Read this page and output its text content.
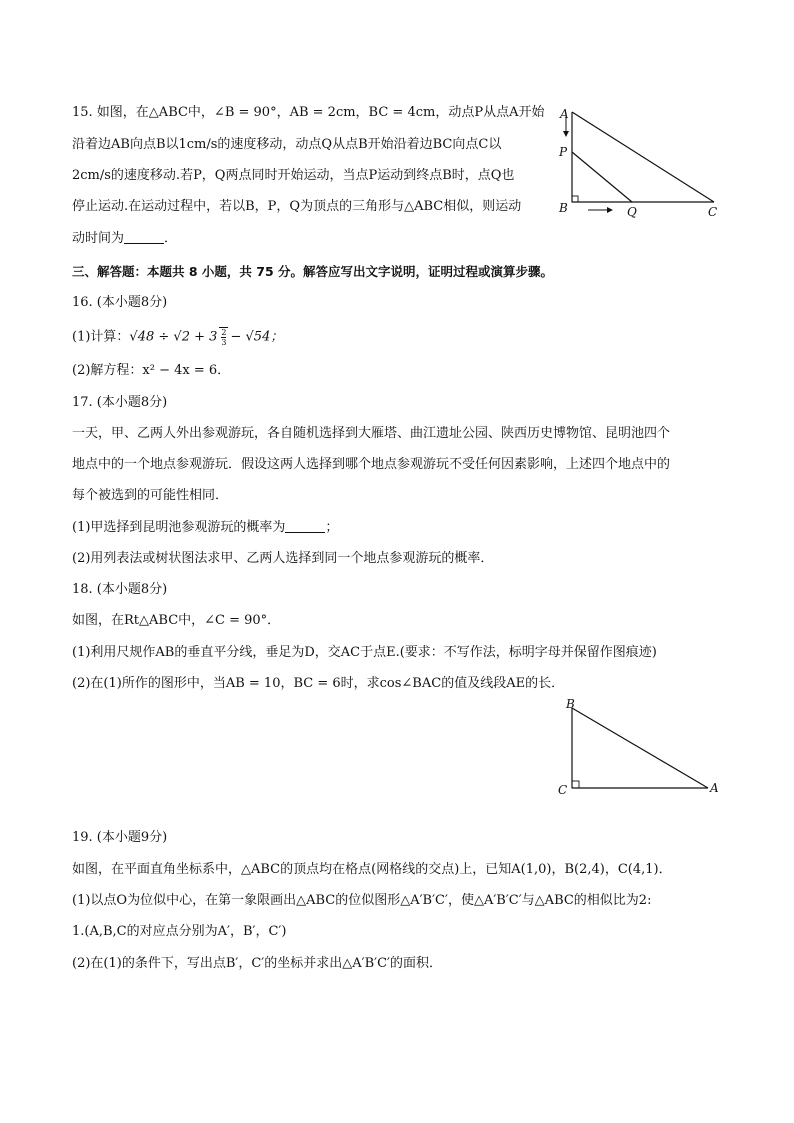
15. 如图，在△ABC中，∠B = 90°，AB = 2cm，BC = 4cm，动点P从点A开始
沿着边AB向点B以1cm/s的速度移动，动点Q从点B开始沿着边BC向点C以
2cm/s的速度移动.若P，Q两点同时开始运动，当点P运动到终点B时，点Q也
停止运动.在运动过程中，若以B，P，Q为顶点的三角形与△ABC相似，则运动
动时间为	．
A
P
B	Q	C
三、解答题：本题共 8 小题，共 75 分。解答应写出文字说明，证明过程或演算步骤。
16. (本小题8分)
(1)计算：$√48 \div √2 + 3 \frac{2}{3} - √54$；
(2)解方程：x² − 4x = 6．
17. (本小题8分)
一天，甲、乙两人外出参观游玩，各自随机选择到大雁塔、曲江遗址公园、陕西历史博物馆、昆明池四个
地点中的一个地点参观游玩．假设这两人选择到哪个地点参观游玩不受任何因素影响，上述四个地点中的
每个被选到的可能性相同．
(1)甲选择到昆明池参观游玩的概率为	；
(2)用列表法或树状图法求甲、乙两人选择到同一个地点参观游玩的概率．
18. (本小题8分)
如图，在Rt△ABC中，∠C = 90°．
(1)利用尺规作AB的垂直平分线，垂足为D，交AC于点E.(要求：不写作法，标明字母并保留作图痕迹)
(2)在(1)所作的图形中，当AB = 10，BC = 6时，求cos∠BAC的值及线段AE的长．
B
C	A
19. (本小题9分)
如图，在平面直角坐标系中，△ABC的顶点均在格点(网格线的交点)上，已知A(1,0)，B(2,4)，C(4,1)．
(1)以点O为位似中心，在第一象限画出△ABC的位似图形△A′B′C′，使△A′B′C′与△ABC的相似比为2:
1.(A,B,C的对应点分别为A′，B′，C′)
(2)在(1)的条件下，写出点B′，C′的坐标并求出△A′B′C′的面积．
